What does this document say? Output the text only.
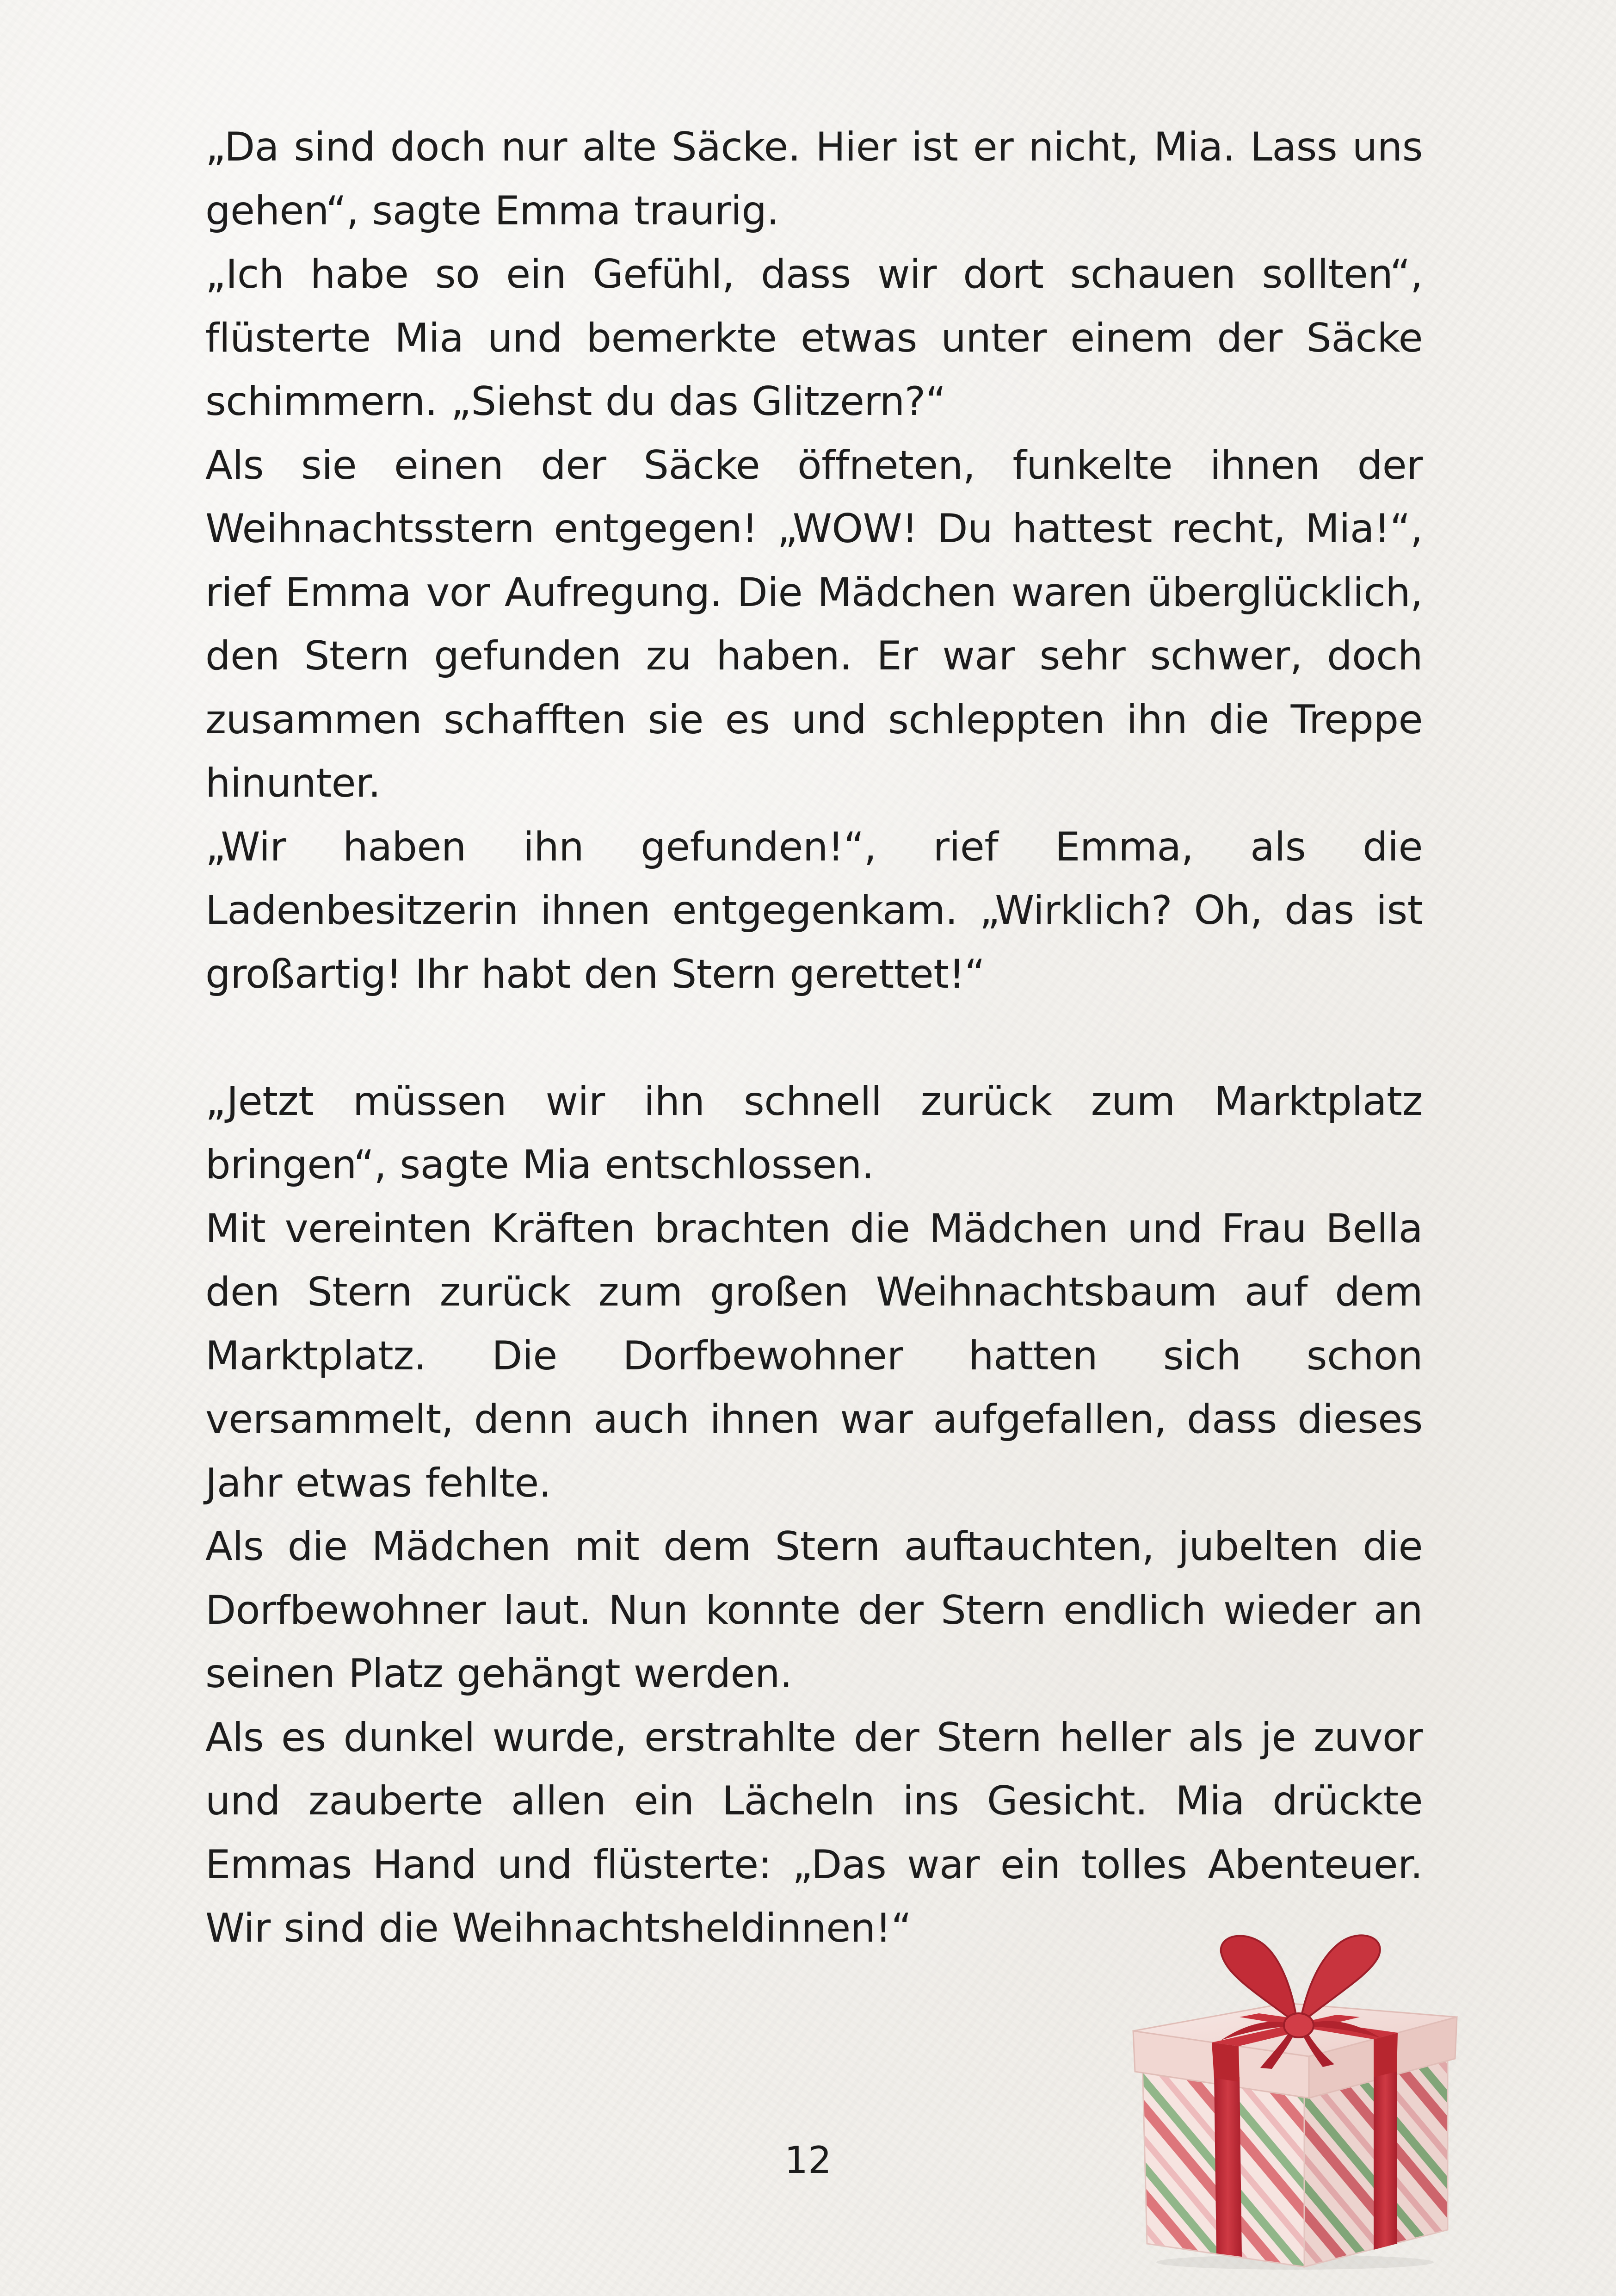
„Da sind doch nur alte Säcke. Hier ist er nicht, Mia. Lass uns gehen“, sagte Emma traurig.

„Ich habe so ein Gefühl, dass wir dort schauen sollten“, flüsterte Mia und bemerkte etwas unter einem der Säcke schimmern. „Siehst du das Glitzern?“

Als sie einen der Säcke öffneten, funkelte ihnen der Weihnachtsstern entgegen! „WOW! Du hattest recht, Mia!“, rief Emma vor Aufregung. Die Mädchen waren überglücklich, den Stern gefunden zu haben. Er war sehr schwer, doch zusammen schafften sie es und schleppten ihn die Treppe hinunter.

„Wir haben ihn gefunden!“, rief Emma, als die Ladenbesitzerin ihnen entgegenkam. „Wirklich? Oh, das ist großartig! Ihr habt den Stern gerettet!“

„Jetzt müssen wir ihn schnell zurück zum Marktplatz bringen“, sagte Mia entschlossen.

Mit vereinten Kräften brachten die Mädchen und Frau Bella den Stern zurück zum großen Weihnachtsbaum auf dem Marktplatz. Die Dorfbewohner hatten sich schon versammelt, denn auch ihnen war aufgefallen, dass dieses Jahr etwas fehlte.

Als die Mädchen mit dem Stern auftauchten, jubelten die Dorfbewohner laut. Nun konnte der Stern endlich wieder an seinen Platz gehängt werden.

Als es dunkel wurde, erstrahlte der Stern heller als je zuvor und zauberte allen ein Lächeln ins Gesicht. Mia drückte Emmas Hand und flüsterte: „Das war ein tolles Abenteuer. Wir sind die Weihnachtsheldinnen!“

12
